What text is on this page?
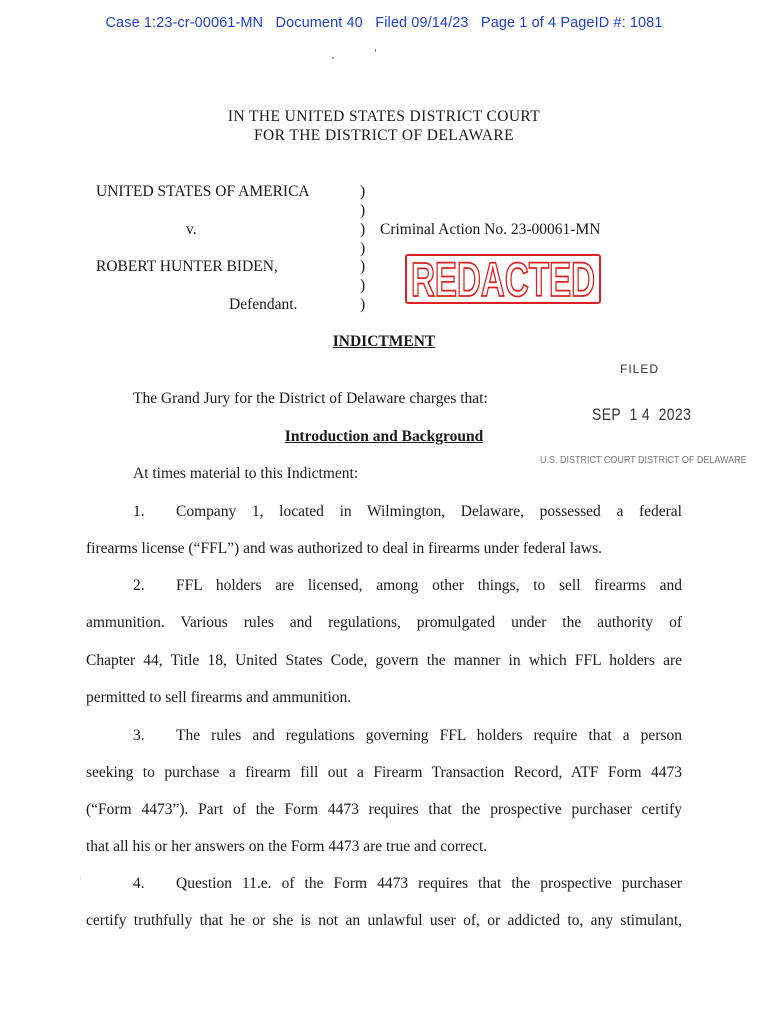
Case 1:23-cr-00061-MN   Document 40   Filed 09/14/23   Page 1 of 4 PageID #: 1081
IN THE UNITED STATES DISTRICT COURT
FOR THE DISTRICT OF DELAWARE
UNITED STATES OF AMERICA
v.
ROBERT HUNTER BIDEN,
Defendant.
)
)
)
)
)
)
)
Criminal Action No. 23-00061-MN
REDACTED
INDICTMENT
FILED
The Grand Jury for the District of Delaware charges that:
SEP  1 4  2023
Introduction and Background
U.S. DISTRICT COURT DISTRICT OF DELAWARE
At times material to this Indictment:
1. Company 1, located in Wilmington, Delaware, possessed a federal
firearms license (“FFL”) and was authorized to deal in firearms under federal laws.
2. FFL holders are licensed, among other things, to sell firearms and
ammunition. Various rules and regulations, promulgated under the authority of
Chapter 44, Title 18, United States Code, govern the manner in which FFL holders are
permitted to sell firearms and ammunition.
3. The rules and regulations governing FFL holders require that a person
seeking to purchase a firearm fill out a Firearm Transaction Record, ATF Form 4473
(“Form 4473”). Part of the Form 4473 requires that the prospective purchaser certify
that all his or her answers on the Form 4473 are true and correct.
4. Question 11.e. of the Form 4473 requires that the prospective purchaser
certify truthfully that he or she is not an unlawful user of, or addicted to, any stimulant,
